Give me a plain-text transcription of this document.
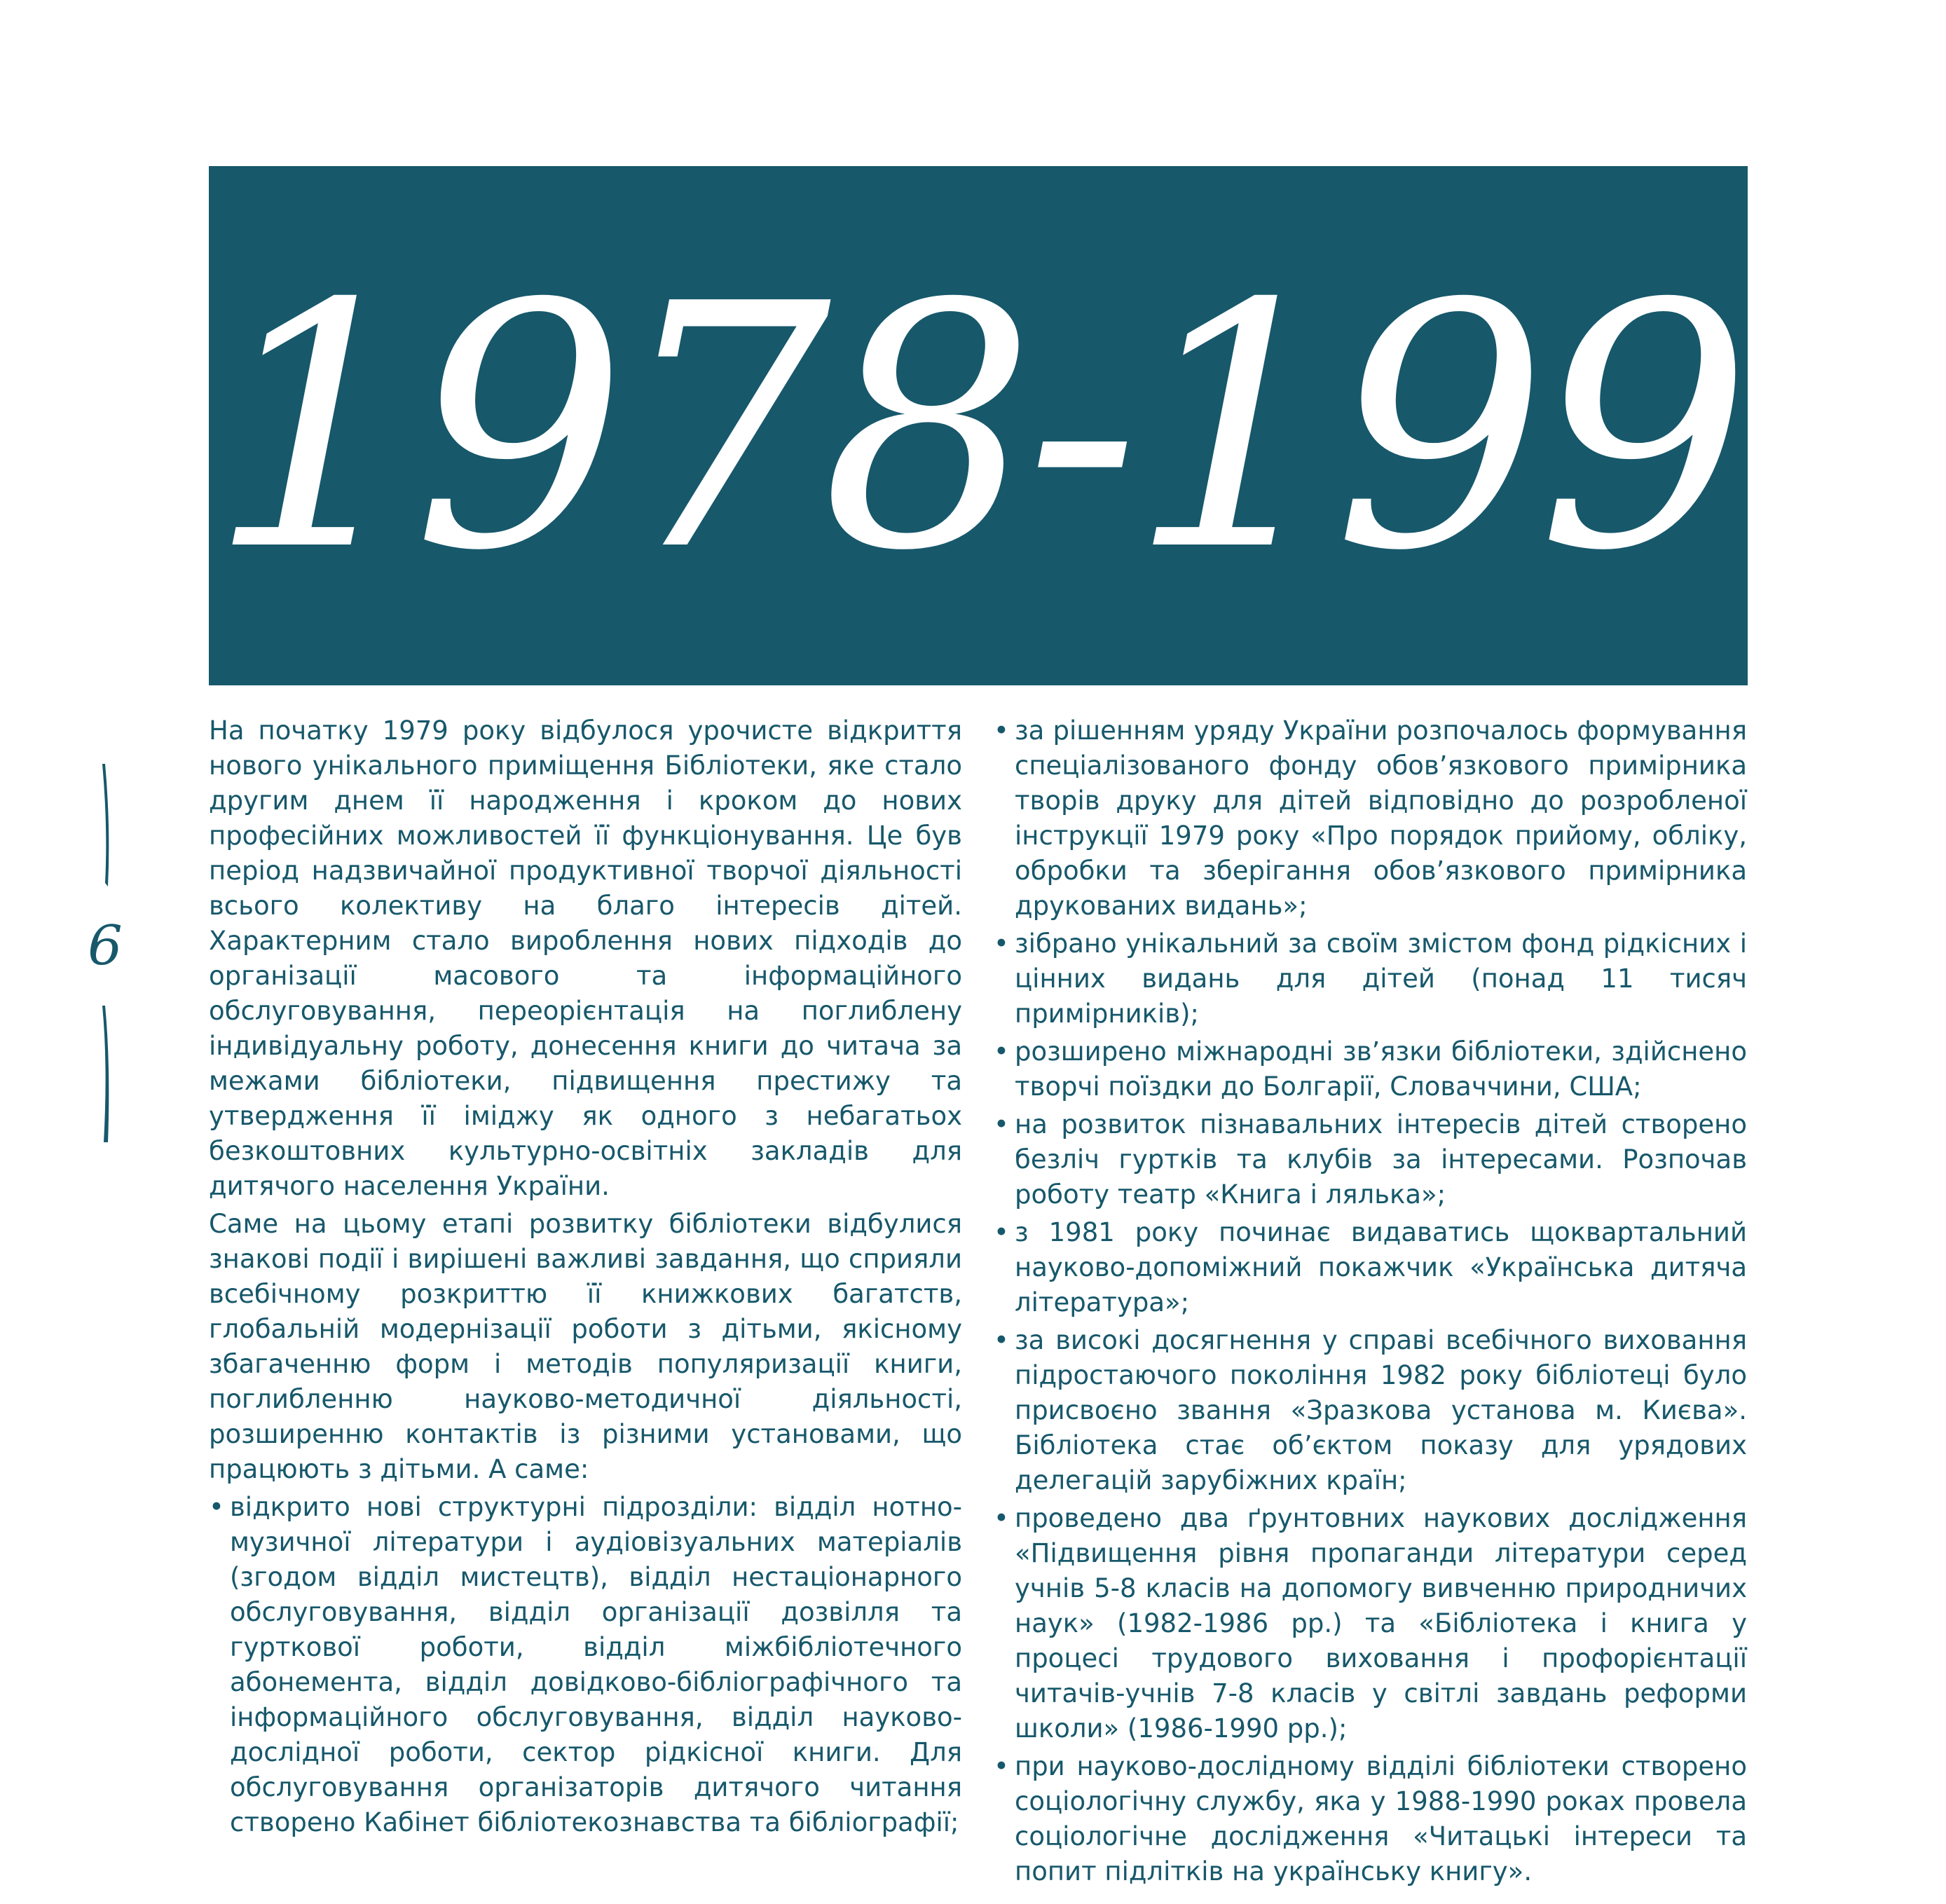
1978-1990
6

На початку 1979 року відбулося урочисте відкриття нового унікального приміщення Бібліотеки, яке стало другим днем її народження і кроком до нових професійних можливостей її функціонування. Це був період надзвичайної продуктивної творчої діяльності всього колективу на благо інтересів дітей. Характерним стало вироблення нових підходів до організації масового та інформаційного обслуговування, переорієнтація на поглиблену індивідуальну роботу, донесення книги до читача за межами бібліотеки, підвищення престижу та утвердження її іміджу як одного з небагатьох безкоштовних культурно-освітніх закладів для дитячого населення України.

Саме на цьому етапі розвитку бібліотеки відбулися знакові події і вирішені важливі завдання, що сприяли всебічному розкриттю її книжкових багатств, глобальній модернізації роботи з дітьми, якісному збагаченню форм і методів популяризації книги, поглибленню науково-методичної діяльності, розширенню контактів із різними установами, що працюють з дітьми. А саме:

• відкрито нові структурні підрозділи: відділ нотно-музичної літератури і аудіовізуальних матеріалів (згодом відділ мистецтв), відділ нестаціонарного обслуговування, відділ організації дозвілля та гурткової роботи, відділ міжбібліотечного абонемента, відділ довідково-бібліографічного та інформаційного обслуговування, відділ науково-дослідної роботи, сектор рідкісної книги. Для обслуговування організаторів дитячого читання створено Кабінет бібліотекознавства та бібліографії;
• за рішенням уряду України розпочалось формування спеціалізованого фонду обов’язкового примірника творів друку для дітей відповідно до розробленої інструкції 1979 року «Про порядок прийому, обліку, обробки та зберігання обов’язкового примірника друкованих видань»;
• зібрано унікальний за своїм змістом фонд рідкісних і цінних видань для дітей (понад 11 тисяч примірників);
• розширено міжнародні зв’язки бібліотеки, здійснено творчі поїздки до Болгарії, Словаччини, США;
• на розвиток пізнавальних інтересів дітей створено безліч гуртків та клубів за інтересами. Розпочав роботу театр «Книга і лялька»;
• з 1981 року починає видаватись щоквартальний науково-допоміжний покажчик «Українська дитяча література»;
• за високі досягнення у справі всебічного виховання підростаючого покоління 1982 року бібліотеці було присвоєно звання «Зразкова установа м. Києва». Бібліотека стає об’єктом показу для урядових делегацій зарубіжних країн;
• проведено два ґрунтовних наукових дослідження «Підвищення рівня пропаганди літератури серед учнів 5-8 класів на допомогу вивченню природничих наук» (1982-1986 рр.) та «Бібліотека і книга у процесі трудового виховання і профорієнтації читачів-учнів 7-8 класів у світлі завдань реформи школи» (1986-1990 рр.);
• при науково-дослідному відділі бібліотеки створено соціологічну службу, яка у 1988-1990 роках провела соціологічне дослідження «Читацькі інтереси та попит підлітків на українську книгу».
